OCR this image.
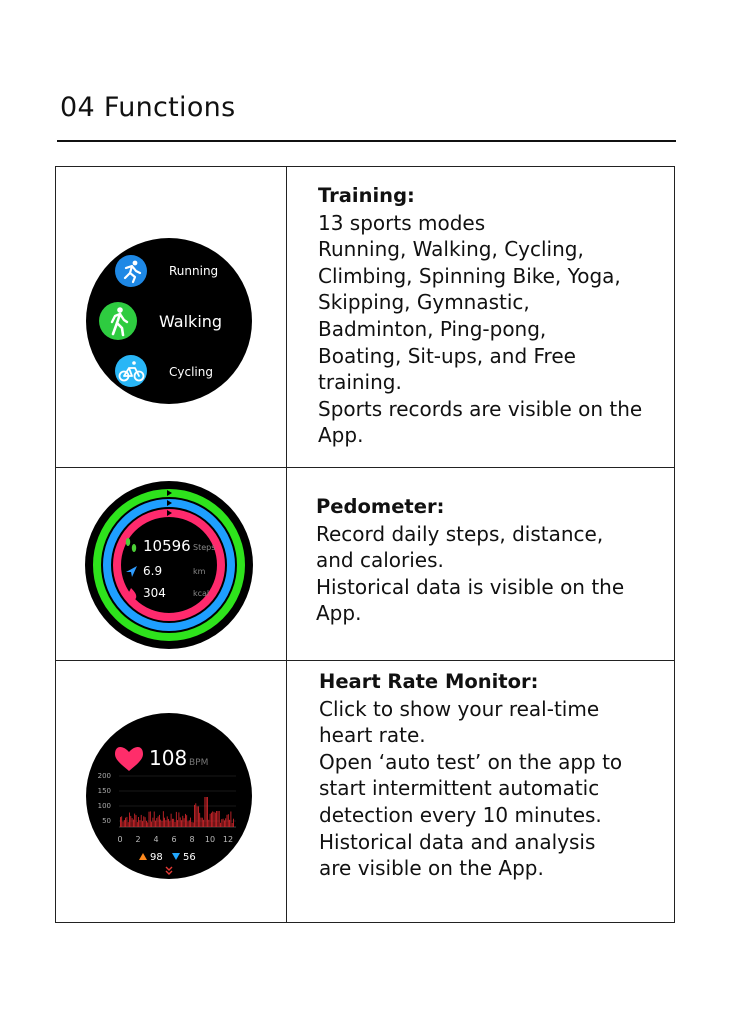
04 Functions
Running
Walking
Cycling
Training:
13 sports modes
Running, Walking, Cycling,
Climbing, Spinning Bike, Yoga,
Skipping, Gymnastic,
Badminton, Ping-pong,
Boating, Sit-ups, and Free
training.
Sports records are visible on the
App.
10596 Steps
6.9	km
304	kcal
Pedometer:
Record daily steps, distance,
and calories.
Historical data is visible on the
App.
108 BPM
200
150
100
50
0 2 4 6 8 10 12
98 56
Heart Rate Monitor:
Click to show your real-time
heart rate.
Open ‘auto test’ on the app to
start intermittent automatic
detection every 10 minutes.
Historical data and analysis
are visible on the App.
